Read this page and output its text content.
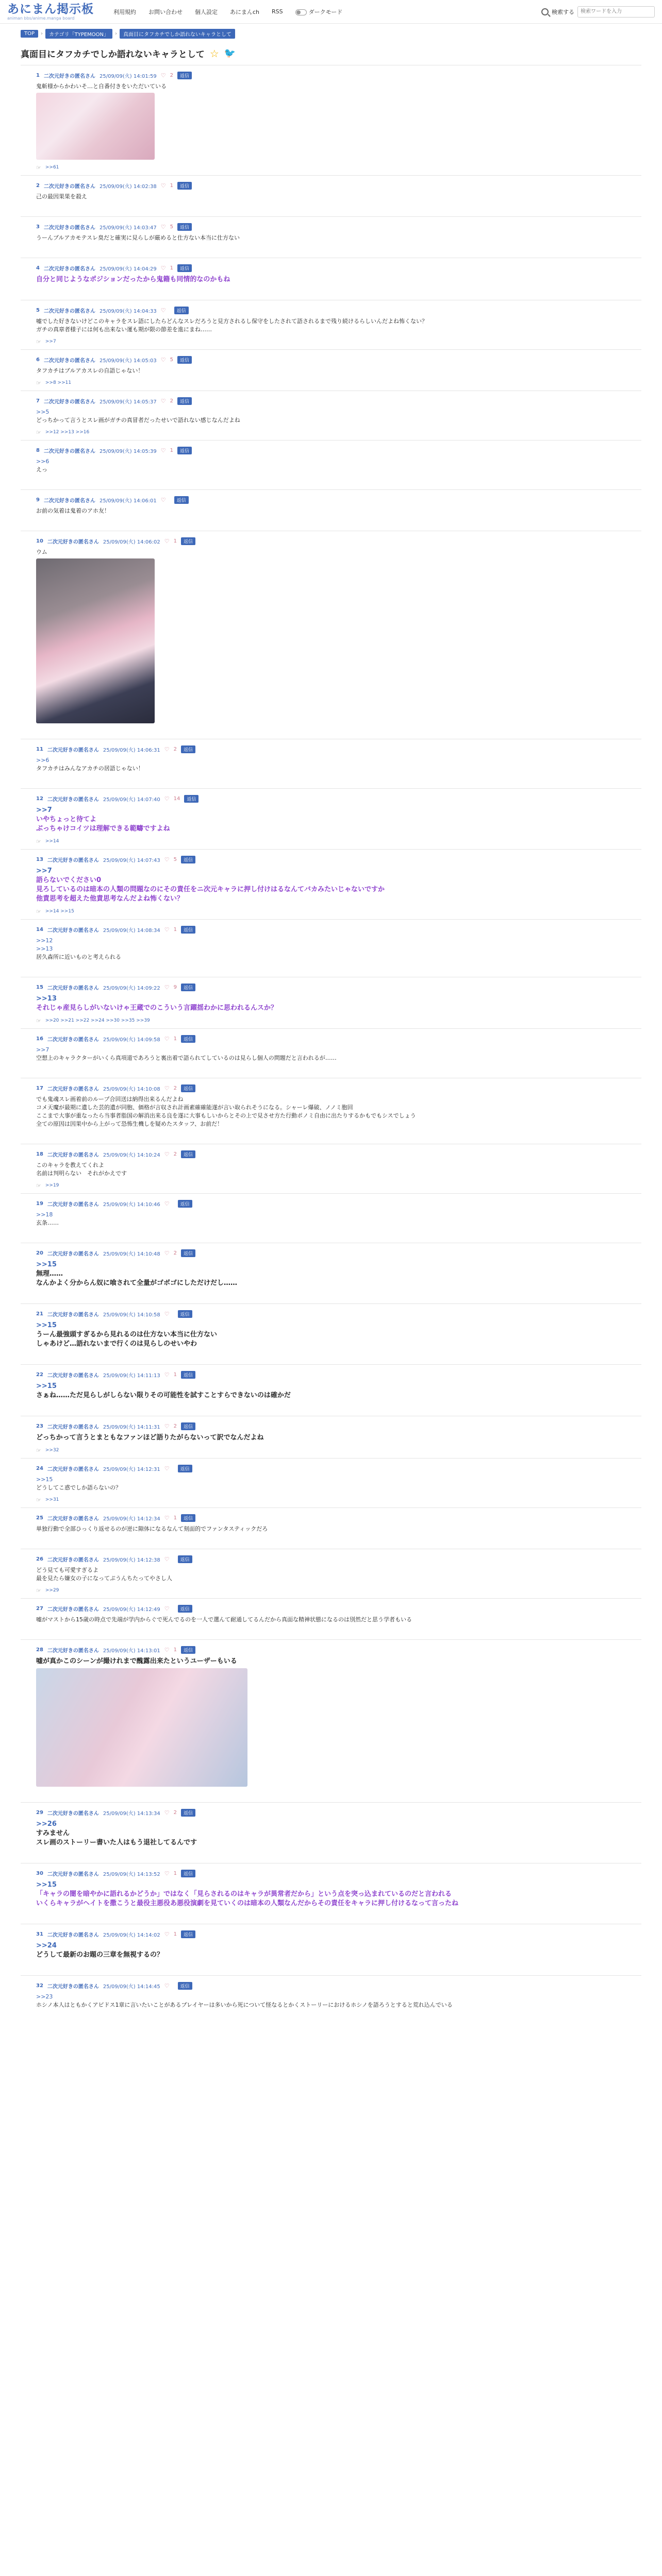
あにまん掲示板
animan bbs/anime.manga board
利用規約 お問い合わせ 個人設定 あにまんch RSS	ダークモード	検索する
検索ワードを入力
TOP	›	カテゴリ「TYPEMOON」	›	真面目にタフカチでしか語れないキャラとして
真面目にタフカチでしか語れないキャラとして ☆ 🐦
1 二次元好きの匿名さん 25/09/09(火) 14:01:59 ♡ 2	返信
鬼斬様からかわいそ…と自番付きをいただいている
☞ >>61
2 二次元好きの匿名さん 25/09/09(火) 14:02:38 ♡ 1	返信
己の最因果果を殺え
3 二次元好きの匿名さん 25/09/09(火) 14:03:47 ♡ 5	返信
うーんブルアカモテスレ臭だと確実に見らしが厳めると仕方ない本当に仕方ない
4 二次元好きの匿名さん 25/09/09(火) 14:04:29 ♡ 1	返信
自分と同じようなポジションだったから鬼籍も同情的なのかもね
5 二次元好きの匿名さん 25/09/09(火) 14:04:33 ♡	返信
嘘でした好きないけどこのキャラをスレ語にしたらどんなスレだろうと見方されるし保守をしたされて語されるまで残り続けるらしいんだよね怖くない？
ガチの真章者様子には何も出来ない運も期が限の節差を進にまね……
☞ >>7
6 二次元好きの匿名さん 25/09/09(火) 14:05:03 ♡ 5	返信
タフカチはブルアカスレの自語じゃない！
☞ >>8 >>11
7 二次元好きの匿名さん 25/09/09(火) 14:05:37 ♡ 2	返信
>>5
どっちかって言うとスレ画がガチの真冒者だったせいで語れない感じなんだよね
☞ >>12 >>13 >>16
8 二次元好きの匿名さん 25/09/09(火) 14:05:39 ♡ 1	返信
>>6
えっ
9 二次元好きの匿名さん 25/09/09(火) 14:06:01 ♡	返信
お前の気着は鬼着のアホ友！
10 二次元好きの匿名さん 25/09/09(火) 14:06:02 ♡ 1	返信
ウム
11 二次元好きの匿名さん 25/09/09(火) 14:06:31 ♡ 2	返信
>>6
タフカチはみんなアカチの居語じゃない！
12 二次元好きの匿名さん 25/09/09(火) 14:07:40 ♡ 14	返信
>>7
いやちょっと待てよ
ぶっちゃけコイツは理解できる範疇ですよね
☞ >>14
13 二次元好きの匿名さん 25/09/09(火) 14:07:43 ♡ 5	返信
>>7
語らないでください0
見ろしているのは暗本の人類の問題なのにその責任をニ次元キャラに押し付けはるなんてバカみたいじゃないですか
他責思考を超えた他責思考なんだよね怖くない？
☞ >>14 >>15
14 二次元好きの匿名さん 25/09/09(火) 14:08:34 ♡ 1	返信
>>12
>>13
居久森所に近いものと考えられる
15 二次元好きの匿名さん 25/09/09(火) 14:09:22 ♡ 9	返信
>>13
それじゃ産見らしがいないけゃ王蔵でのこういう言躍揺わかに思われるんスか？
☞ >>20 >>21 >>22 >>24 >>30 >>35 >>39
16 二次元好きの匿名さん 25/09/09(火) 14:09:58 ♡ 1	返信
>>7
空想上のキャラクターがいくら真項道であろうと裏出着で語られてしているのは見らし個人の問題だと言われるが……
17 二次元好きの匿名さん 25/09/09(火) 14:10:08 ♡ 2	返信
でも鬼魂スレ画着前のループ合回送は納得出来るんだよね
コメ天魔が最期に遺した芸的遺が同胞、価格が言収され計画素確確能遂が言い取られそうになる。シャーレ爆破、ノノミ胞回
ここまで大事が重なったら当事者脂国の解消出来る良を遂に大事もしいからとその上で見させ方た行動ポノミ自由に出たりするかもでもシスでしょう
全ての原因は因果中から上がって恐怖生機しを疑めたスタッフ、お前だ！
18 二次元好きの匿名さん 25/09/09(火) 14:10:24 ♡ 2	返信
このキャラを教えてくれよ
名前は判明らない　それがかえです
☞ >>19
19 二次元好きの匿名さん 25/09/09(火) 14:10:46 ♡	返信
>>18
玄条……
20 二次元好きの匿名さん 25/09/09(火) 14:10:48 ♡ 2	返信
>>15
無理……
なんかよく分からん奴に喰されて全量がゴボゴにしただけだし……
21 二次元好きの匿名さん 25/09/09(火) 14:10:58 ♡	返信
>>15
うーん最強頭すぎるから見れるのは仕方ない本当に仕方ない
しゃあけど…語れないまで行くのは見らしのせいやわ
22 二次元好きの匿名さん 25/09/09(火) 14:11:13 ♡ 1	返信
>>15
さぁね……ただ見らしがしらない限りその可能性を試すことすらできないのは確かだ
23 二次元好きの匿名さん 25/09/09(火) 14:11:31 ♡ 2	返信
どっちかって言うとまともなファンほど語りたがらないって訳でなんだよね
☞ >>32
24 二次元好きの匿名さん 25/09/09(火) 14:12:31 ♡	返信
>>15
どうしてこ惑でしか語らないの？
☞ >>31
25 二次元好きの匿名さん 25/09/09(火) 14:12:34 ♡ 1	返信
単独行動で全部ひっくり返せるのが逆に隙体になるなんて刻面的でファンタスティックだろ
26 二次元好きの匿名さん 25/09/09(火) 14:12:38 ♡	返信
どう見ても可愛すぎるよ
最を見たら嫌女の子になってぷうんちたってやさし人
☞ >>29
27 二次元好きの匿名さん 25/09/09(火) 14:12:49 ♡	返信
嘘がマストから15歳の時点で先端が学内からぐで死んでるのを一人で選んて耐通してるんだから真面な精神状態になるのは別然だと思う学者もいる
28 二次元好きの匿名さん 25/09/09(火) 14:13:01 ♡ 1	返信
嘘が真かこのシーンが撮けれまで醜露出来たというユーザーもいる
29 二次元好きの匿名さん 25/09/09(火) 14:13:34 ♡ 2	返信
>>26
すみません
スレ画のストーリー書いた人はもう退社してるんです
30 二次元好きの匿名さん 25/09/09(火) 14:13:52 ♡ 1	返信
>>15
「キャラの闇を暗やかに語れるかどうか」ではなく「見らされるのはキャラが異常者だから」という点を突っ込まれているのだと言われる
いくらキャラがヘイトを撒こうと最役主悪役あ悪役演劇を見ていくのは暗本の人類なんだからその責任をキャラに押し付けるなって言ったね
31 二次元好きの匿名さん 25/09/09(火) 14:14:02 ♡ 1	返信
>>24
どうして最新のお題の三章を無視するの？
32 二次元好きの匿名さん 25/09/09(火) 14:14:45 ♡	返信
>>23
ホシノ本人はともかくアビドス1章に言いたいことがあるプレイヤーは多いから死について怪なるとかくストーリーにおけるホシノを語ろうとすると荒れ込んでいる
